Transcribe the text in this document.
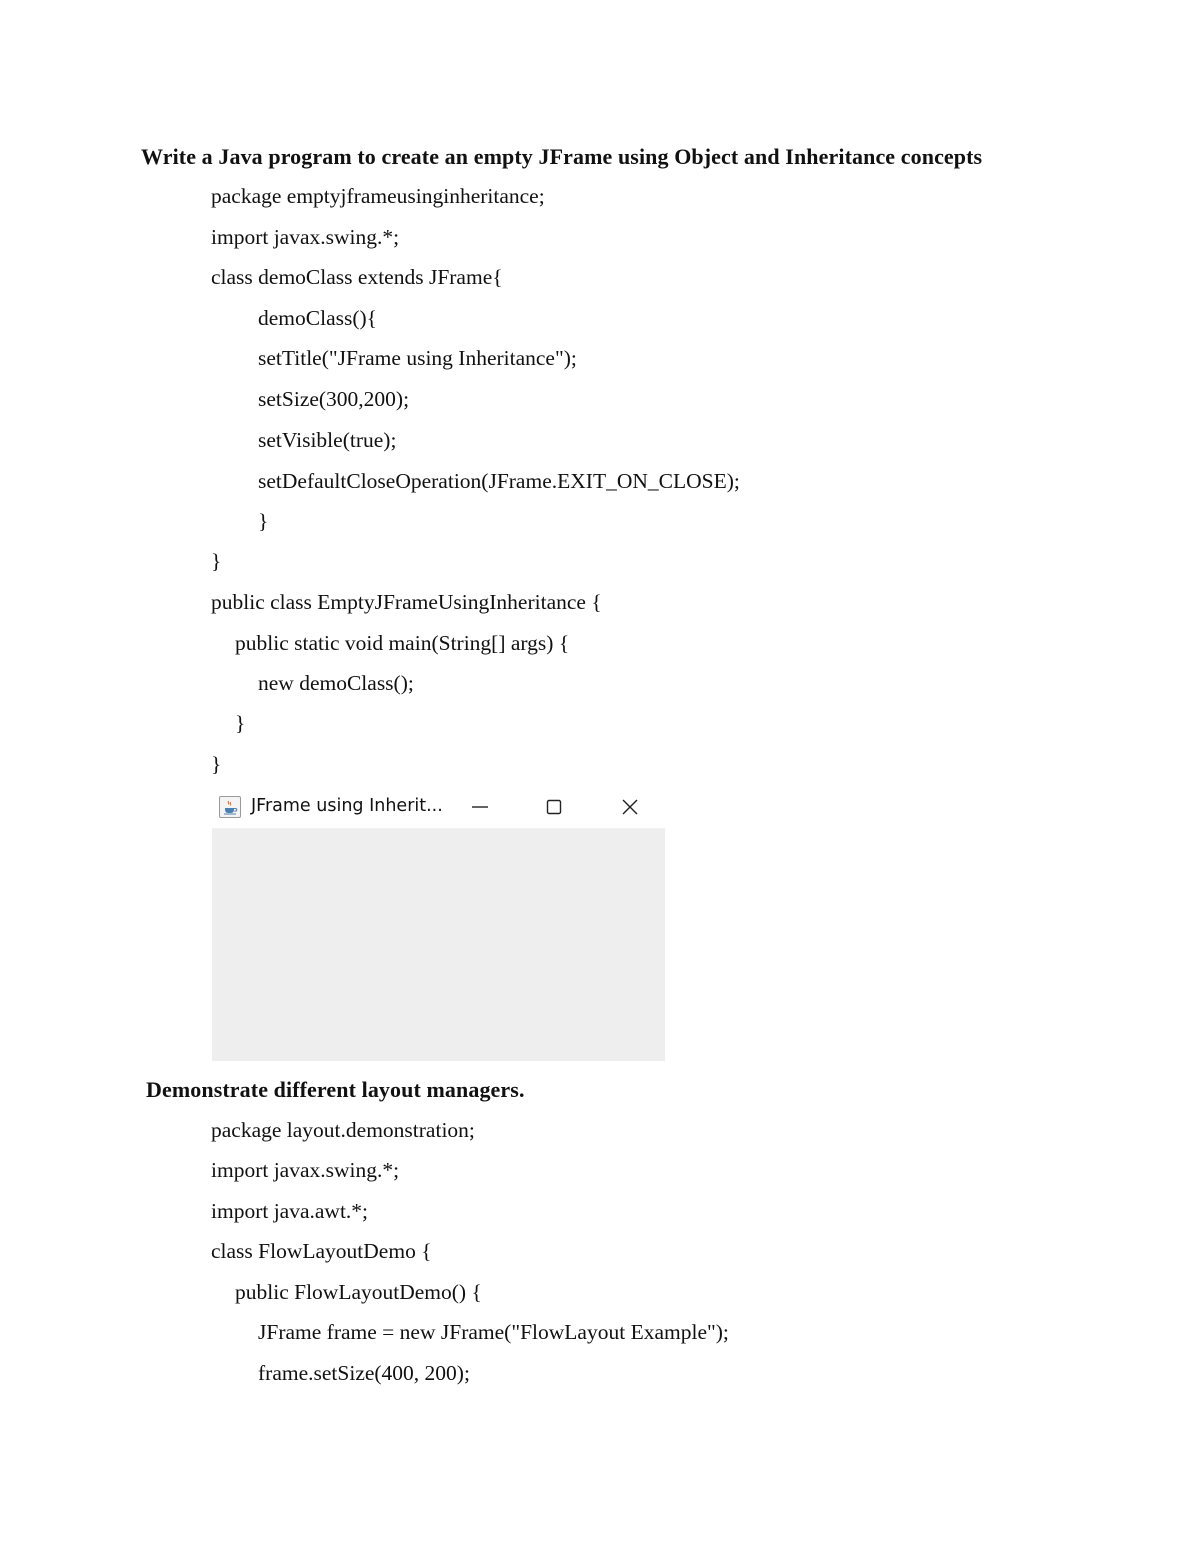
Write a Java program to create an empty JFrame using Object and Inheritance concepts
package emptyjframeusinginheritance;
import javax.swing.*;
class demoClass extends JFrame{
demoClass(){
setTitle("JFrame using Inheritance");
setSize(300,200);
setVisible(true);
setDefaultCloseOperation(JFrame.EXIT_ON_CLOSE);
}
}
public class EmptyJFrameUsingInheritance {
public static void main(String[] args) {
new demoClass();
}
}
JFrame using Inherit...
Demonstrate different layout managers.
package layout.demonstration;
import javax.swing.*;
import java.awt.*;
class FlowLayoutDemo {
public FlowLayoutDemo() {
JFrame frame = new JFrame("FlowLayout Example");
frame.setSize(400, 200);
